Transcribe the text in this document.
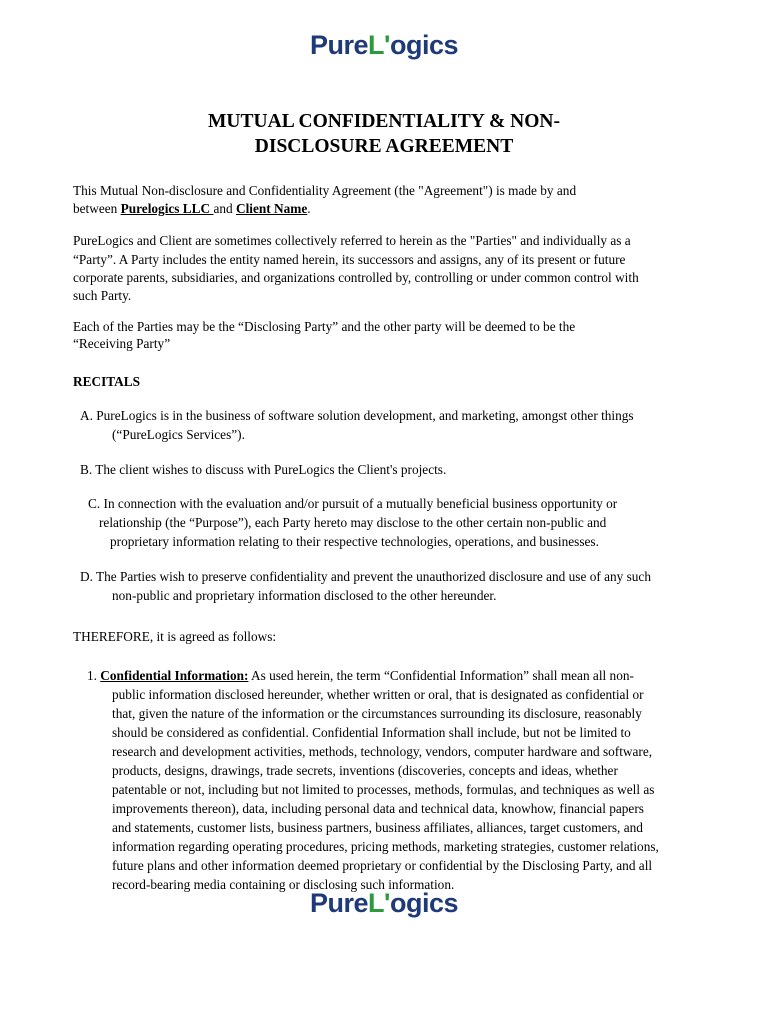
Pure L' ogics
MUTUAL CONFIDENTIALITY & NON-
DISCLOSURE AGREEMENT
This Mutual Non-disclosure and Confidentiality Agreement (the "Agreement") is made by and
between Purelogics LLC and Client Name.
PureLogics and Client are sometimes collectively referred to herein as the "Parties" and individually as a
“Party”. A Party includes the entity named herein, its successors and assigns, any of its present or future
corporate parents, subsidiaries, and organizations controlled by, controlling or under common control with
such Party.
Each of the Parties may be the “Disclosing Party” and the other party will be deemed to be the
“Receiving Party”
RECITALS
A. PureLogics is in the business of software solution development, and marketing, amongst other things
(“PureLogics Services”).
B. The client wishes to discuss with PureLogics the Client's projects.
C. In connection with the evaluation and/or pursuit of a mutually beneficial business opportunity or
relationship (the “Purpose”), each Party hereto may disclose to the other certain non-public and
proprietary information relating to their respective technologies, operations, and businesses.
D. The Parties wish to preserve confidentiality and prevent the unauthorized disclosure and use of any such
non-public and proprietary information disclosed to the other hereunder.
THEREFORE, it is agreed as follows:
1. Confidential Information: As used herein, the term “Confidential Information” shall mean all non-
public information disclosed hereunder, whether written or oral, that is designated as confidential or
that, given the nature of the information or the circumstances surrounding its disclosure, reasonably
should be considered as confidential. Confidential Information shall include, but not be limited to
research and development activities, methods, technology, vendors, computer hardware and software,
products, designs, drawings, trade secrets, inventions (discoveries, concepts and ideas, whether
patentable or not, including but not limited to processes, methods, formulas, and techniques as well as
improvements thereon), data, including personal data and technical data, knowhow, financial papers
and statements, customer lists, business partners, business affiliates, alliances, target customers, and
information regarding operating procedures, pricing methods, marketing strategies, customer relations,
future plans and other information deemed proprietary or confidential by the Disclosing Party, and all
record-bearing media containing or disclosing such information.
Pure L' ogics
